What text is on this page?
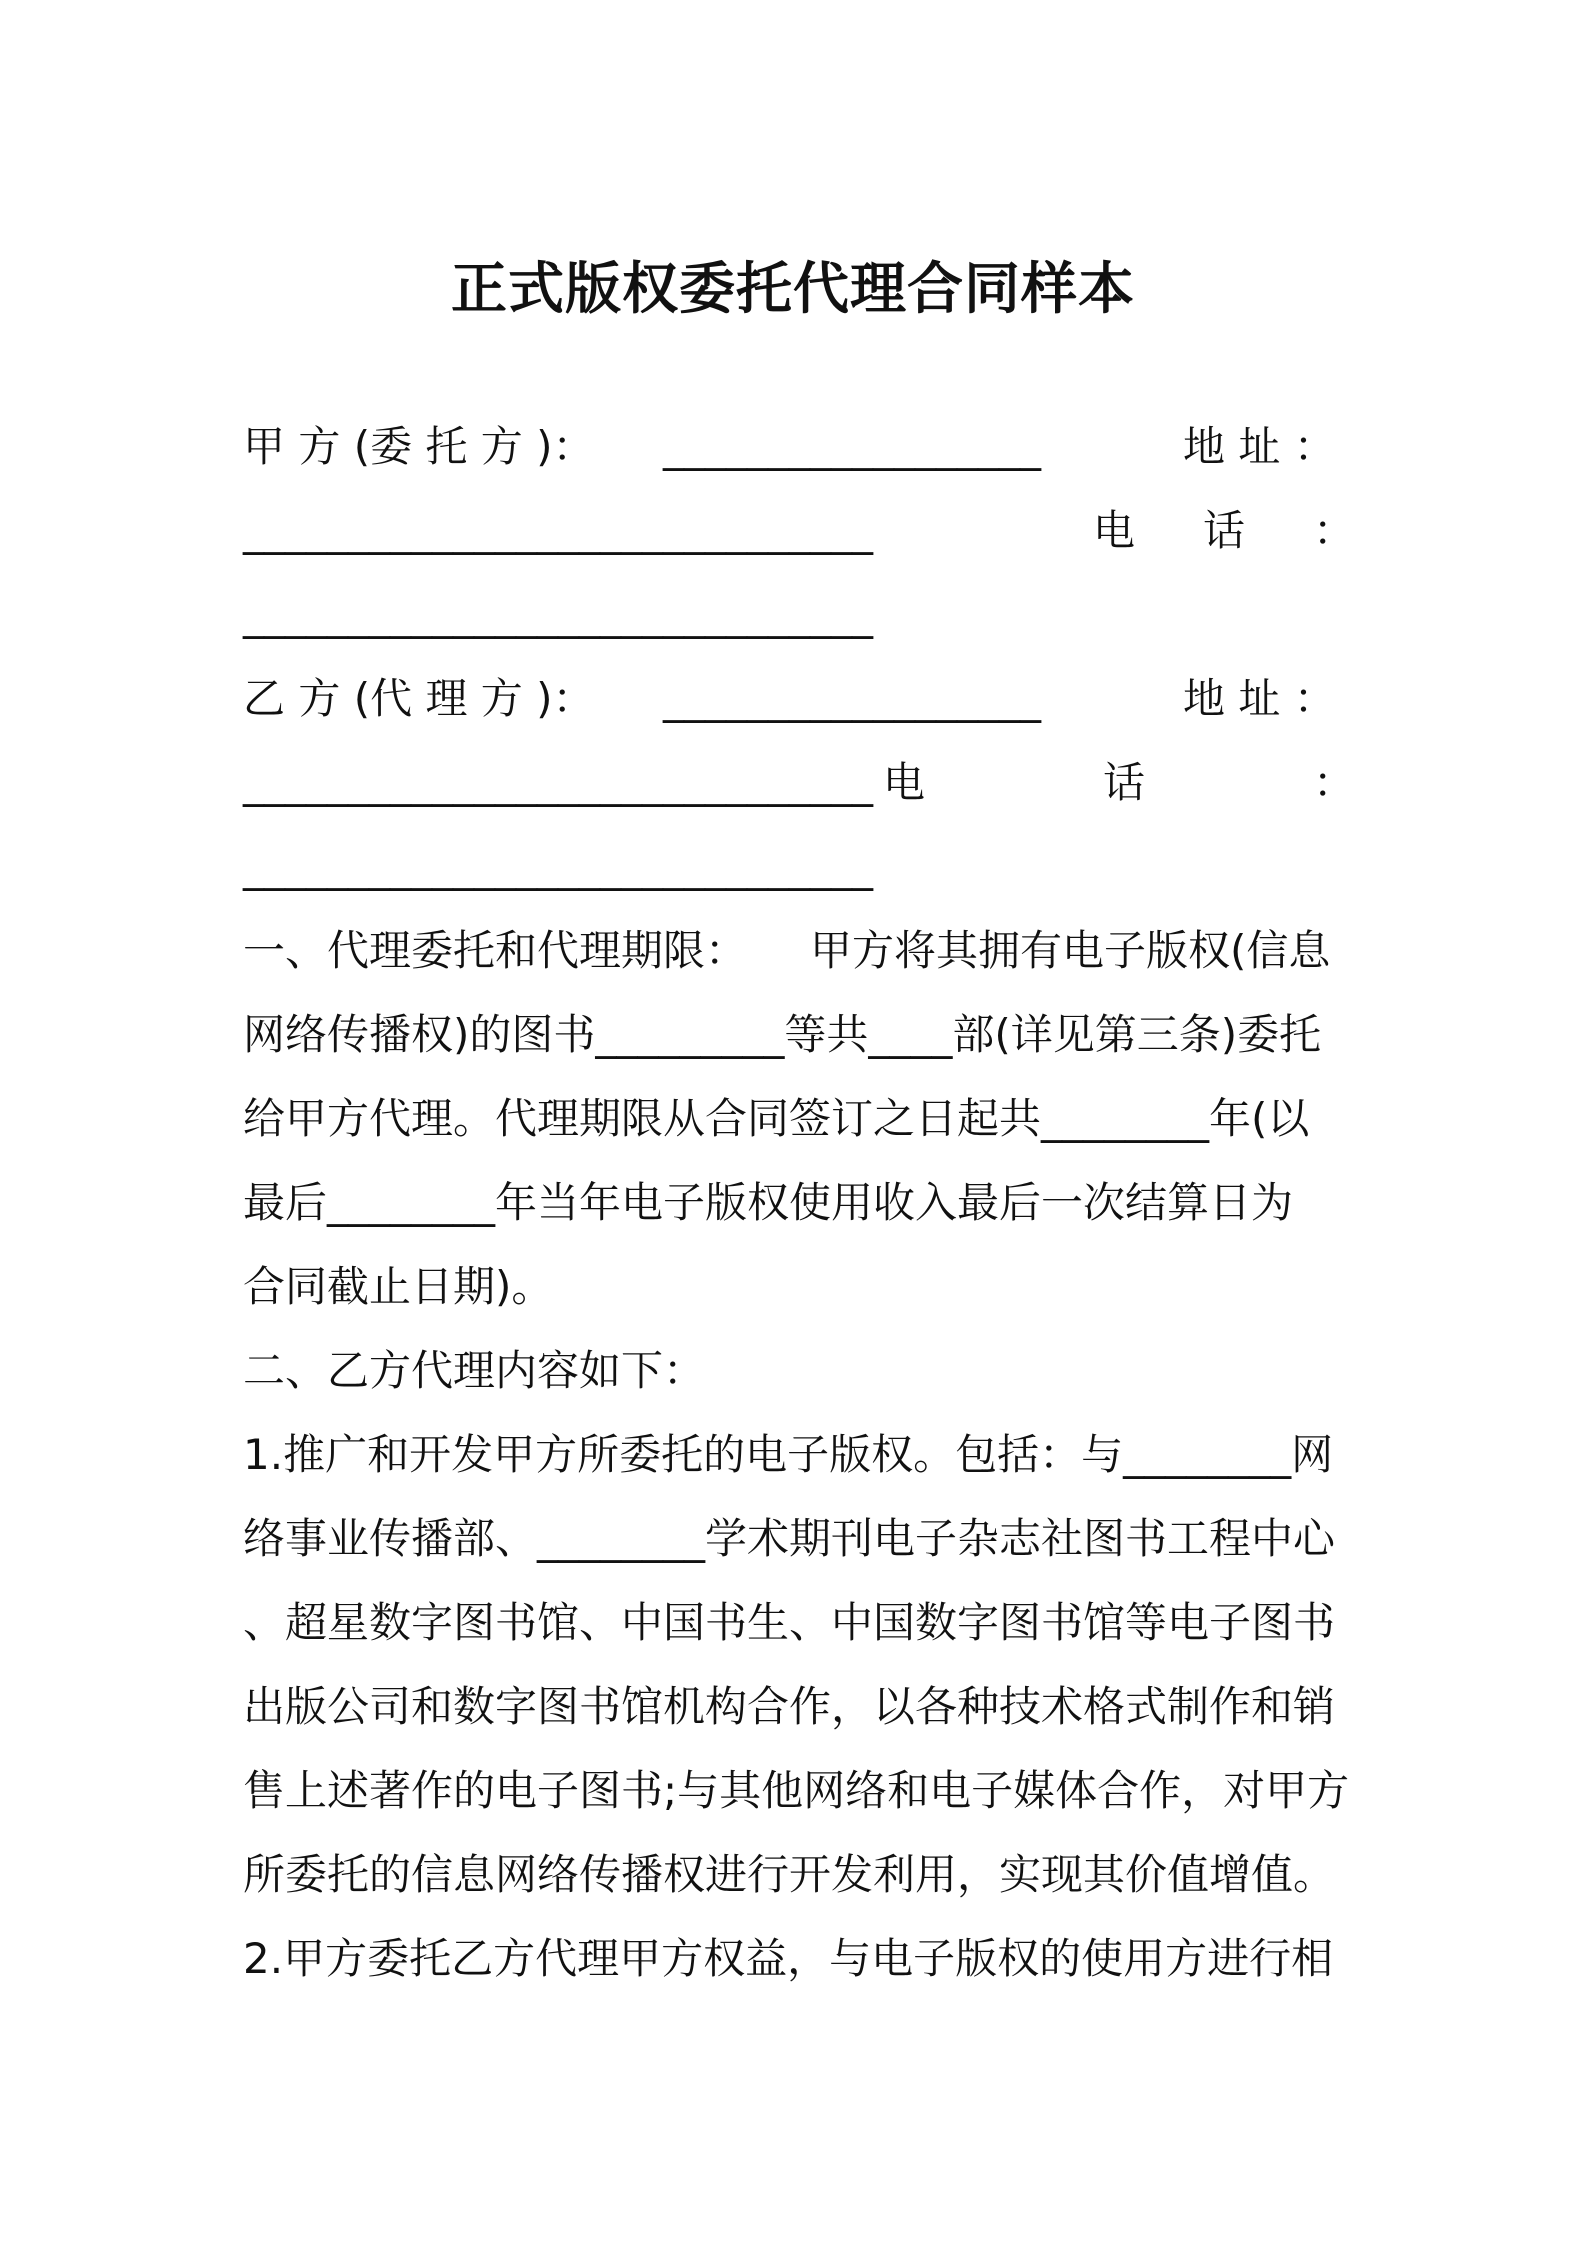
正式版权委托代理合同样本
甲 方 (委 托 方 )： __________________	地 址 ：
______________________________	电 话 ：
______________________________
乙 方 (代 理 方 )： __________________	地 址 ：
______________________________ 电	话	：
______________________________
一、代理委托和代理期限：　　甲方将其拥有电子版权(信息
网络传播权)的图书_________等共____部(详见第三条)委托
给甲方代理。代理期限从合同签订之日起共________年(以
最后________年当年电子版权使用收入最后一次结算日为
合同截止日期)。
二、乙方代理内容如下：
1.推广和开发甲方所委托的电子版权。包括：与________网
络事业传播部、________学术期刊电子杂志社图书工程中心
、超星数字图书馆、中国书生、中国数字图书馆等电子图书
出版公司和数字图书馆机构合作，以各种技术格式制作和销
售上述著作的电子图书;与其他网络和电子媒体合作，对甲方
所委托的信息网络传播权进行开发利用，实现其价值增值。
2.甲方委托乙方代理甲方权益，与电子版权的使用方进行相
